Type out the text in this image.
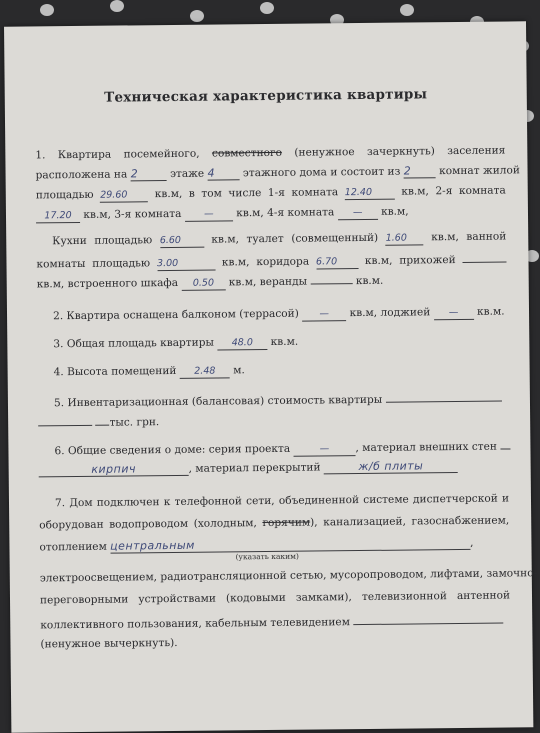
Техническая характеристика квартиры
1. Квартира посемейного, совместного (ненужное зачеркнуть) заселения
расположена на 2	этаже 4	этажного дома и состоит из 2	комнат жилой
площадью 29.60	кв.м, в том числе 1-я комната 12.40	кв.м, 2-я комната
17.20 кв.м, 3-я комната — кв.м, 4-я комната — кв.м,
Кухни площадью 6.60	кв.м, туалет (совмещенный) 1.60 кв.м, ванной
комнаты площадью 3.00	кв.м, коридора 6.70	кв.м, прихожей
кв.м, встроенного шкафа 0.50 кв.м, веранды	кв.м.
2. Квартира оснащена балконом (террасой) — кв.м, лоджией — кв.м.
3. Общая площадь квартиры 48.0 кв.м.
4. Высота помещений 2.48 м.
5. Инвентаризационная (балансовая) стоимость квартиры
тыс. грн.
6. Общие сведения о доме: серия проекта	— , материал внешних стен
кирпич	, материал перекрытий	ж/б плиты
7. Дом подключен к телефонной сети, объединенной системе диспетчерской и
оборудован водопроводом (холодным, горячим), канализацией, газоснабжением,
отоплением центральным	,
(указать каким)
электроосвещением, радиотрансляционной сетью, мусоропроводом, лифтами, замочно-
переговорными устройствами (кодовыми замками), телевизионной антенной
коллективного пользования, кабельным телевидением
(ненужное вычеркнуть).
